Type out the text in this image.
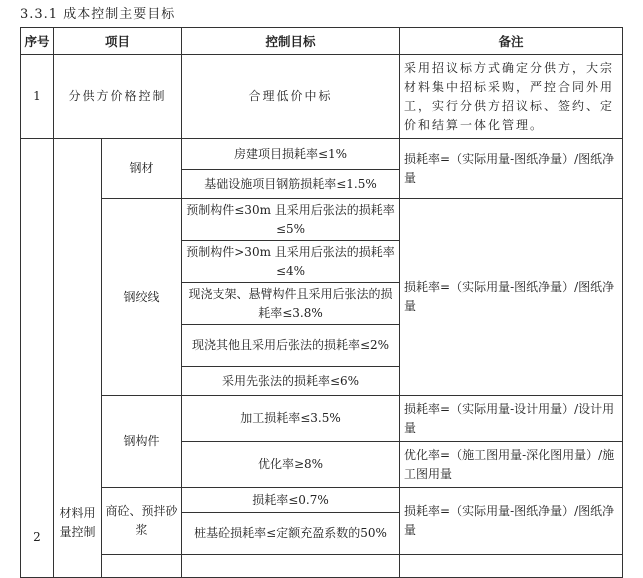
3.3.1 成本控制主要目标
序号	项目		控制目标	备注
1	分供方价格控制		合理低价中标	采用招议标方式确定分供方，大宗材料集中招标采购，严控合同外用工，实行分供方招议标、签约、定价和结算一体化管理。
2	材料用量控制	钢材	房建项目损耗率≤1%	损耗率=（实际用量-图纸净量）/图纸净量
			基础设施项目钢筋损耗率≤1.5%	
		钢绞线	预制构件≤30m 且采用后张法的损耗率≤5%	损耗率=（实际用量-图纸净量）/图纸净量
			预制构件>30m 且采用后张法的损耗率≤4%	
			现浇支架、悬臂构件且采用后张法的损耗率≤3.8%	
			现浇其他且采用后张法的损耗率≤2%	
			采用先张法的损耗率≤6%	
		钢构件	加工损耗率≤3.5%	损耗率=（实际用量-设计用量）/设计用量
			优化率≥8%	优化率=（施工图用量-深化图用量）/施工图用量
		商砼、预拌砂浆	损耗率≤0.7%	损耗率=（实际用量-图纸净量）/图纸净量
			桩基砼损耗率≤定额充盈系数的50%	
